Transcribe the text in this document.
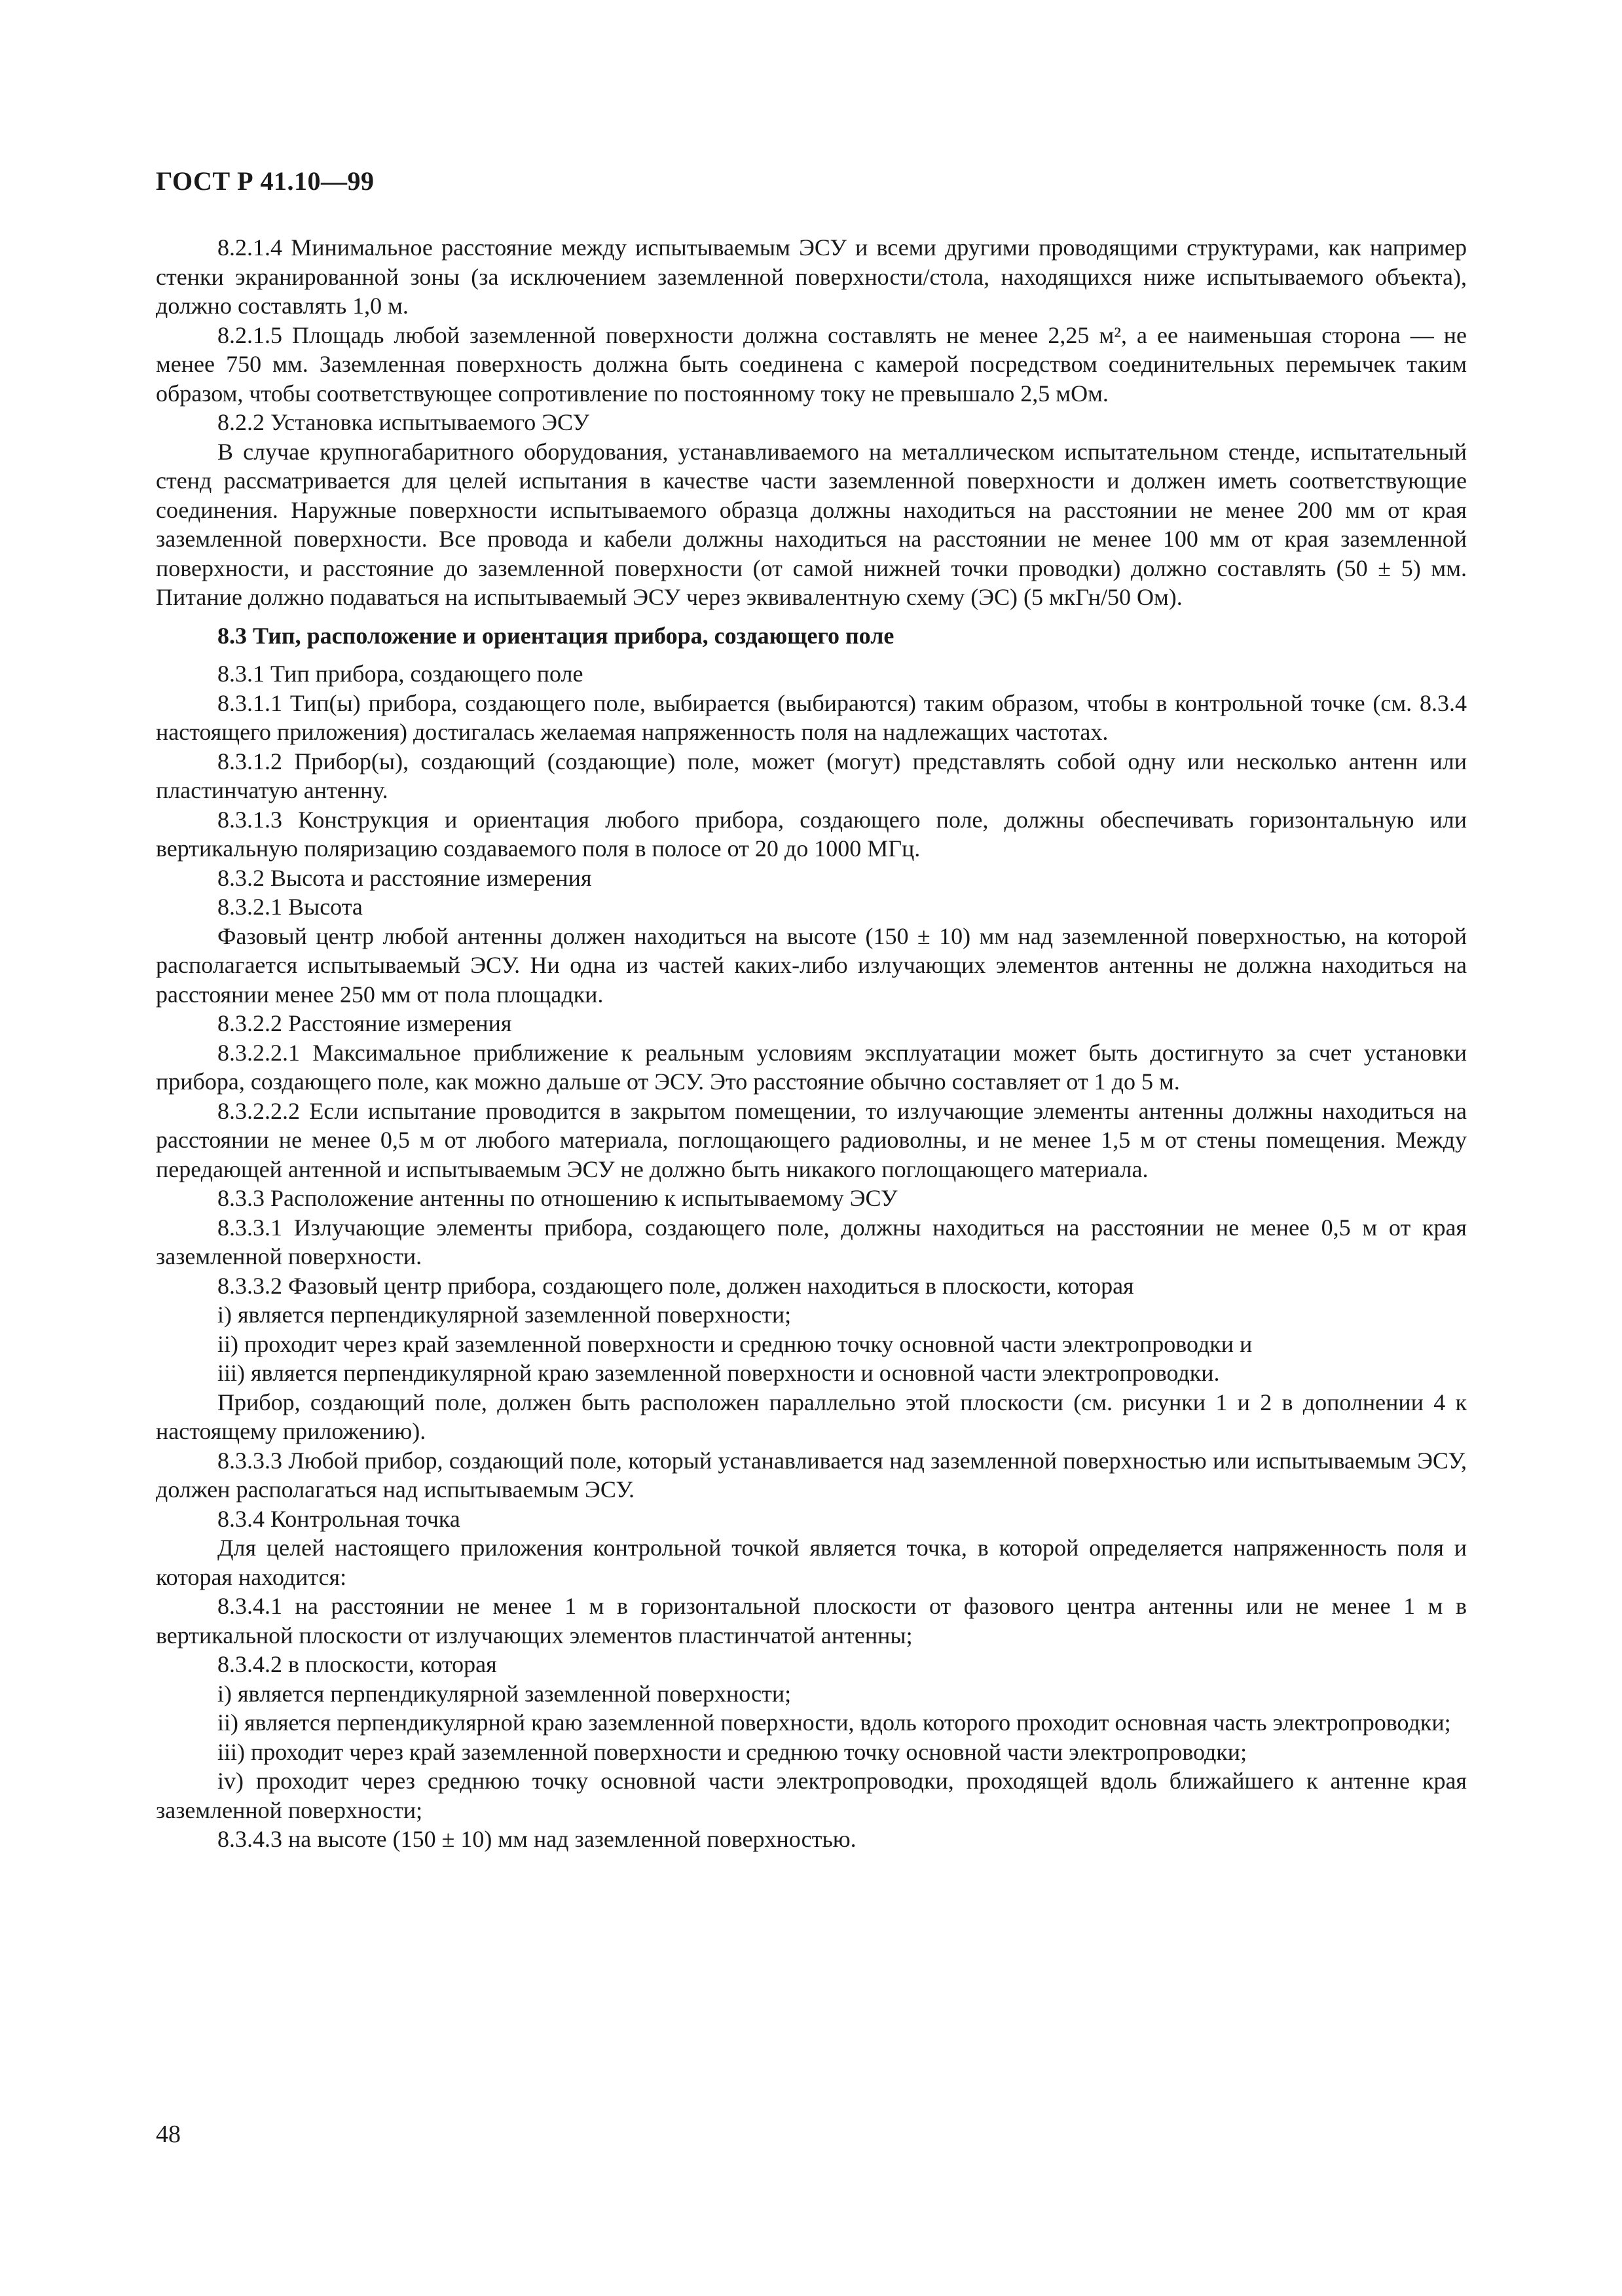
ГОСТ Р 41.10—99

8.2.1.4 Минимальное расстояние между испытываемым ЭСУ и всеми другими проводящими структурами, как например стенки экранированной зоны (за исключением заземленной поверхности/стола, находящихся ниже испытываемого объекта), должно составлять 1,0 м.

8.2.1.5 Площадь любой заземленной поверхности должна составлять не менее 2,25 м², а ее наименьшая сторона — не менее 750 мм. Заземленная поверхность должна быть соединена с камерой посредством соединительных перемычек таким образом, чтобы соответствующее сопротивление по постоянному току не превышало 2,5 мОм.

8.2.2 Установка испытываемого ЭСУ

В случае крупногабаритного оборудования, устанавливаемого на металлическом испытательном стенде, испытательный стенд рассматривается для целей испытания в качестве части заземленной поверхности и должен иметь соответствующие соединения. Наружные поверхности испытываемого образца должны находиться на расстоянии не менее 200 мм от края заземленной поверхности. Все провода и кабели должны находиться на расстоянии не менее 100 мм от края заземленной поверхности, и расстояние до заземленной поверхности (от самой нижней точки проводки) должно составлять (50 ± 5) мм. Питание должно подаваться на испытываемый ЭСУ через эквивалентную схему (ЭС) (5 мкГн/50 Ом).

8.3 Тип, расположение и ориентация прибора, создающего поле

8.3.1 Тип прибора, создающего поле

8.3.1.1 Тип(ы) прибора, создающего поле, выбирается (выбираются) таким образом, чтобы в контрольной точке (см. 8.3.4 настоящего приложения) достигалась желаемая напряженность поля на надлежащих частотах.

8.3.1.2 Прибор(ы), создающий (создающие) поле, может (могут) представлять собой одну или несколько антенн или пластинчатую антенну.

8.3.1.3 Конструкция и ориентация любого прибора, создающего поле, должны обеспечивать горизонтальную или вертикальную поляризацию создаваемого поля в полосе от 20 до 1000 МГц.

8.3.2 Высота и расстояние измерения

8.3.2.1 Высота

Фазовый центр любой антенны должен находиться на высоте (150 ± 10) мм над заземленной поверхностью, на которой располагается испытываемый ЭСУ. Ни одна из частей каких-либо излучающих элементов антенны не должна находиться на расстоянии менее 250 мм от пола площадки.

8.3.2.2 Расстояние измерения

8.3.2.2.1 Максимальное приближение к реальным условиям эксплуатации может быть достигнуто за счет установки прибора, создающего поле, как можно дальше от ЭСУ. Это расстояние обычно составляет от 1 до 5 м.

8.3.2.2.2 Если испытание проводится в закрытом помещении, то излучающие элементы антенны должны находиться на расстоянии не менее 0,5 м от любого материала, поглощающего радиоволны, и не менее 1,5 м от стены помещения. Между передающей антенной и испытываемым ЭСУ не должно быть никакого поглощающего материала.

8.3.3 Расположение антенны по отношению к испытываемому ЭСУ

8.3.3.1 Излучающие элементы прибора, создающего поле, должны находиться на расстоянии не менее 0,5 м от края заземленной поверхности.

8.3.3.2 Фазовый центр прибора, создающего поле, должен находиться в плоскости, которая

i) является перпендикулярной заземленной поверхности;

ii) проходит через край заземленной поверхности и среднюю точку основной части электропроводки и

iii) является перпендикулярной краю заземленной поверхности и основной части электропроводки.

Прибор, создающий поле, должен быть расположен параллельно этой плоскости (см. рисунки 1 и 2 в дополнении 4 к настоящему приложению).

8.3.3.3 Любой прибор, создающий поле, который устанавливается над заземленной поверхностью или испытываемым ЭСУ, должен располагаться над испытываемым ЭСУ.

8.3.4 Контрольная точка

Для целей настоящего приложения контрольной точкой является точка, в которой определяется напряженность поля и которая находится:

8.3.4.1 на расстоянии не менее 1 м в горизонтальной плоскости от фазового центра антенны или не менее 1 м в вертикальной плоскости от излучающих элементов пластинчатой антенны;

8.3.4.2 в плоскости, которая

i) является перпендикулярной заземленной поверхности;

ii) является перпендикулярной краю заземленной поверхности, вдоль которого проходит основная часть электропроводки;

iii) проходит через край заземленной поверхности и среднюю точку основной части электропроводки;

iv) проходит через среднюю точку основной части электропроводки, проходящей вдоль ближайшего к антенне края заземленной поверхности;

8.3.4.3 на высоте (150 ± 10) мм над заземленной поверхностью.

48
